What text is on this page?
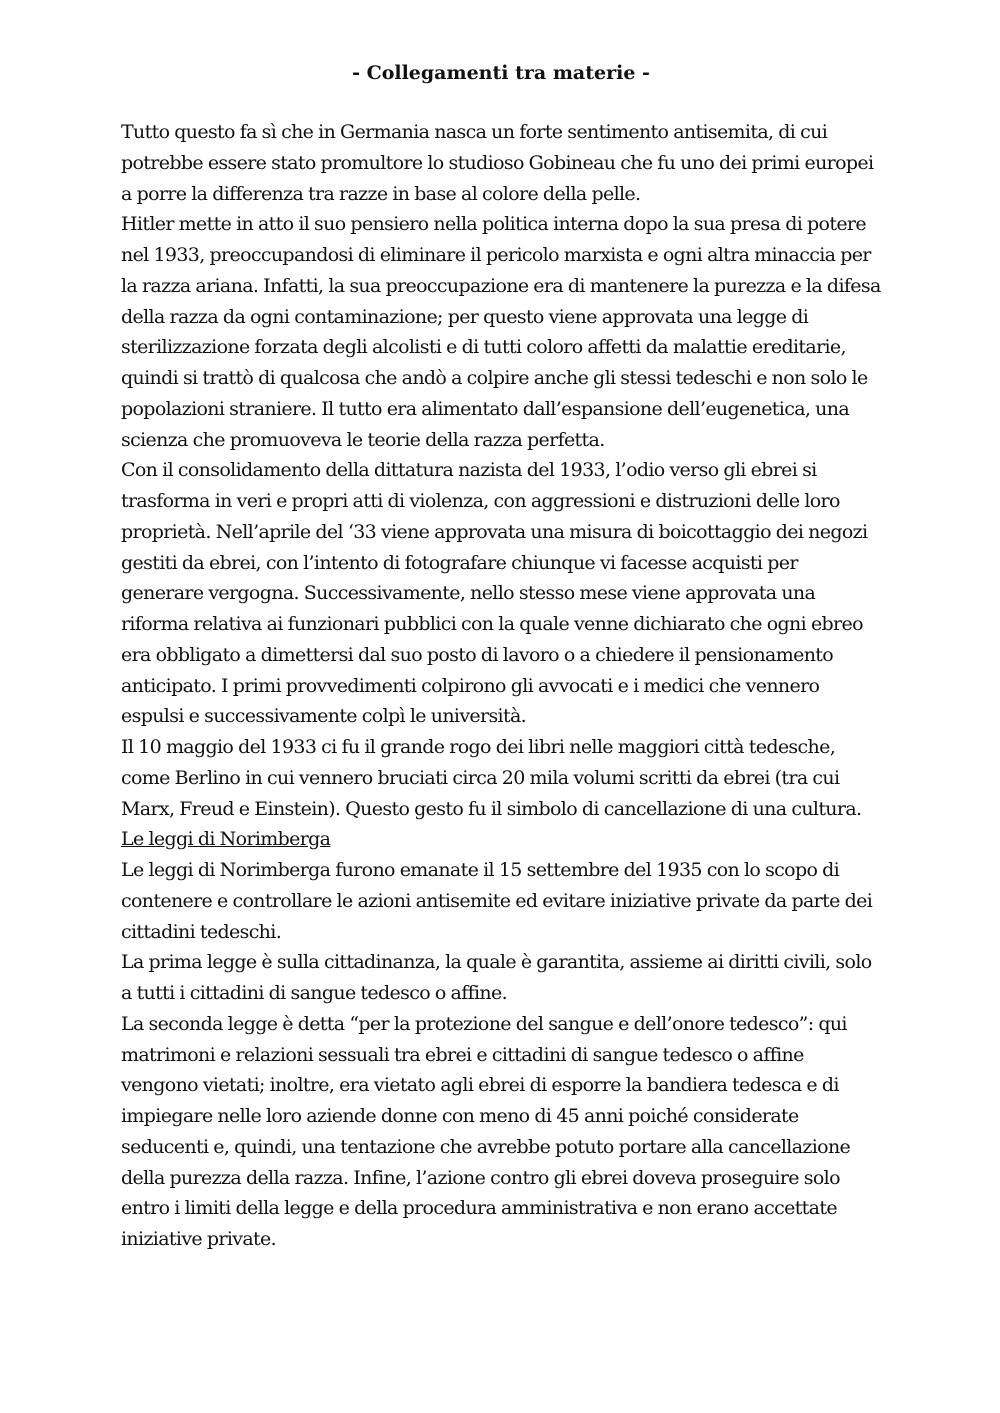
- Collegamenti tra materie -

Tutto questo fa sì che in Germania nasca un forte sentimento antisemita, di cui potrebbe essere stato promultore lo studioso Gobineau che fu uno dei primi europei a porre la differenza tra razze in base al colore della pelle.

Hitler mette in atto il suo pensiero nella politica interna dopo la sua presa di potere nel 1933, preoccupandosi di eliminare il pericolo marxista e ogni altra minaccia per la razza ariana. Infatti, la sua preoccupazione era di mantenere la purezza e la difesa della razza da ogni contaminazione; per questo viene approvata una legge di sterilizzazione forzata degli alcolisti e di tutti coloro affetti da malattie ereditarie, quindi si trattò di qualcosa che andò a colpire anche gli stessi tedeschi e non solo le popolazioni straniere. Il tutto era alimentato dall’espansione dell’eugenetica, una scienza che promuoveva le teorie della razza perfetta.

Con il consolidamento della dittatura nazista del 1933, l’odio verso gli ebrei si trasforma in veri e propri atti di violenza, con aggressioni e distruzioni delle loro proprietà. Nell’aprile del ‘33 viene approvata una misura di boicottaggio dei negozi gestiti da ebrei, con l’intento di fotografare chiunque vi facesse acquisti per generare vergogna. Successivamente, nello stesso mese viene approvata una riforma relativa ai funzionari pubblici con la quale venne dichiarato che ogni ebreo era obbligato a dimettersi dal suo posto di lavoro o a chiedere il pensionamento anticipato. I primi provvedimenti colpirono gli avvocati e i medici che vennero espulsi e successivamente colpì le università.

Il 10 maggio del 1933 ci fu il grande rogo dei libri nelle maggiori città tedesche, come Berlino in cui vennero bruciati circa 20 mila volumi scritti da ebrei (tra cui Marx, Freud e Einstein). Questo gesto fu il simbolo di cancellazione di una cultura.

Le leggi di Norimberga

Le leggi di Norimberga furono emanate il 15 settembre del 1935 con lo scopo di contenere e controllare le azioni antisemite ed evitare iniziative private da parte dei cittadini tedeschi.

La prima legge è sulla cittadinanza, la quale è garantita, assieme ai diritti civili, solo a tutti i cittadini di sangue tedesco o affine.

La seconda legge è detta “per la protezione del sangue e dell’onore tedesco”: qui matrimoni e relazioni sessuali tra ebrei e cittadini di sangue tedesco o affine vengono vietati; inoltre, era vietato agli ebrei di esporre la bandiera tedesca e di impiegare nelle loro aziende donne con meno di 45 anni poiché considerate seducenti e, quindi, una tentazione che avrebbe potuto portare alla cancellazione della purezza della razza. Infine, l’azione contro gli ebrei doveva proseguire solo entro i limiti della legge e della procedura amministrativa e non erano accettate iniziative private.
